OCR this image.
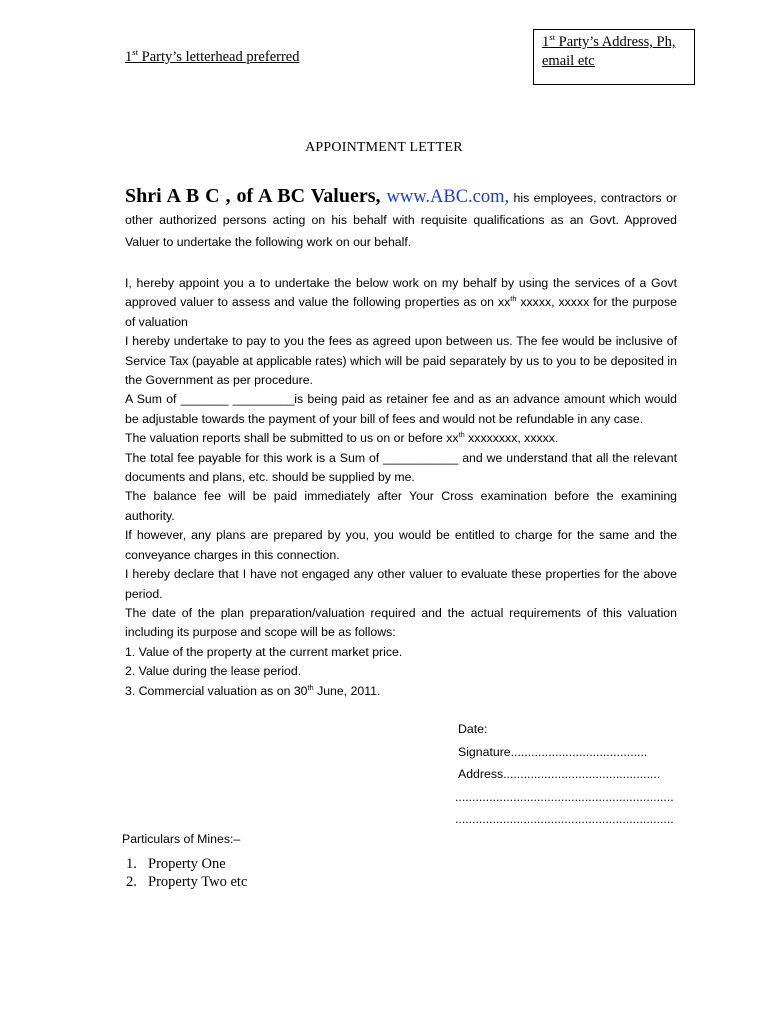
1st Party’s letterhead preferred
1st Party’s Address, Ph, email etc
APPOINTMENT LETTER

Shri A B C , of A BC Valuers, www.ABC.com, his employees, contractors or other authorized persons acting on his behalf with requisite qualifications as an Govt. Approved Valuer to undertake the following work on our behalf.

I, hereby appoint you a to undertake the below work on my behalf by using the services of a Govt approved valuer to assess and value the following properties as on $xx^{th}$ xxxxx, xxxxx for the purpose of valuation

I hereby undertake to pay to you the fees as agreed upon between us. The fee would be inclusive of Service Tax (payable at applicable rates) which will be paid separately by us to you to be deposited in the Government as per procedure.

A Sum of _______ _________is being paid as retainer fee and as an advance amount which would be adjustable towards the payment of your bill of fees and would not be refundable in any case.

The valuation reports shall be submitted to us on or before $xx^{th}$ xxxxxxxx, xxxxx.

The total fee payable for this work is a Sum of ___________ and we understand that all the relevant documents and plans, etc. should be supplied by me.

The balance fee will be paid immediately after Your Cross examination before the examining authority.

If however, any plans are prepared by you, you would be entitled to charge for the same and the conveyance charges in this connection.

I hereby declare that I have not engaged any other valuer to evaluate these properties for the above period.

The date of the plan preparation/valuation required and the actual requirements of this valuation including its purpose and scope will be as follows:

1. Value of the property at the current market price.

2. Value during the lease period.

3. Commercial valuation as on 30th June, 2011.

Date:
Signature........................................
Address..............................................
................................................................
................................................................
Particulars of Mines:–
1. Property One
2. Property Two etc
